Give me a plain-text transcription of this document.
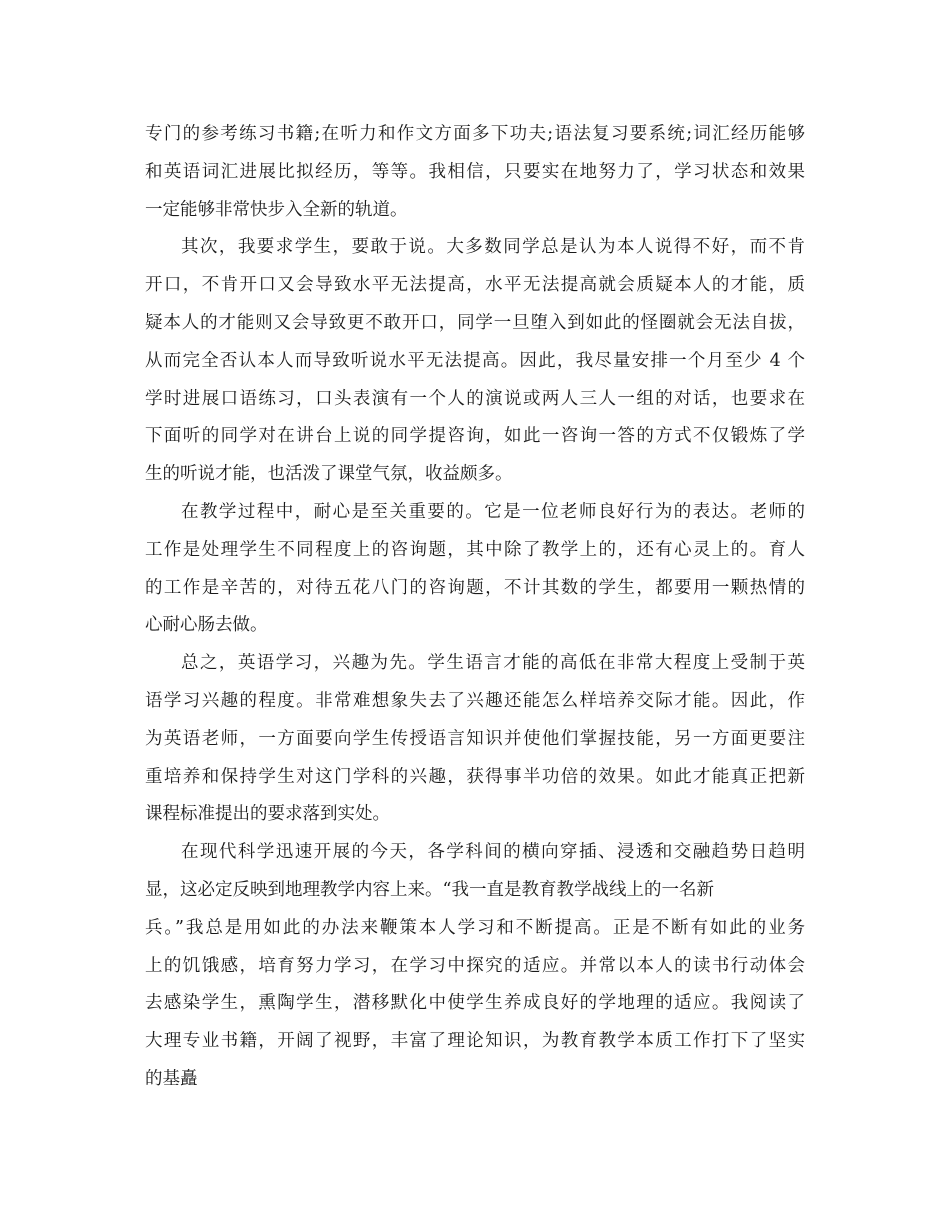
专门的参考练习书籍;在听力和作文方面多下功夫;语法复习要系统;词汇经历能够
和英语词汇进展比拟经历，等等。我相信，只要实在地努力了，学习状态和效果
一定能够非常快步入全新的轨道。
其次，我要求学生，要敢于说。大多数同学总是认为本人说得不好，而不肯
开口，不肯开口又会导致水平无法提高，水平无法提高就会质疑本人的才能，质
疑本人的才能则又会导致更不敢开口，同学一旦堕入到如此的怪圈就会无法自拔，
从而完全否认本人而导致听说水平无法提高。因此，我尽量安排一个月至少 4 个
学时进展口语练习，口头表演有一个人的演说或两人三人一组的对话，也要求在
下面听的同学对在讲台上说的同学提咨询，如此一咨询一答的方式不仅锻炼了学
生的听说才能，也活泼了课堂气氛，收益颇多。
在教学过程中，耐心是至关重要的。它是一位老师良好行为的表达。老师的
工作是处理学生不同程度上的咨询题，其中除了教学上的，还有心灵上的。育人
的工作是辛苦的，对待五花八门的咨询题，不计其数的学生，都要用一颗热情的
心耐心肠去做。
总之，英语学习，兴趣为先。学生语言才能的高低在非常大程度上受制于英
语学习兴趣的程度。非常难想象失去了兴趣还能怎么样培养交际才能。因此，作
为英语老师，一方面要向学生传授语言知识并使他们掌握技能，另一方面更要注
重培养和保持学生对这门学科的兴趣，获得事半功倍的效果。如此才能真正把新
课程标准提出的要求落到实处。
在现代科学迅速开展的今天，各学科间的横向穿插、浸透和交融趋势日趋明
显，这必定反映到地理教学内容上来。“我一直是教育教学战线上的一名新
兵。”我总是用如此的办法来鞭策本人学习和不断提高。正是不断有如此的业务
上的饥饿感，培育努力学习，在学习中探究的适应。并常以本人的读书行动体会
去感染学生，熏陶学生，潜移默化中使学生养成良好的学地理的适应。我阅读了
大理专业书籍，开阔了视野，丰富了理论知识，为教育教学本质工作打下了坚实
的基矗
